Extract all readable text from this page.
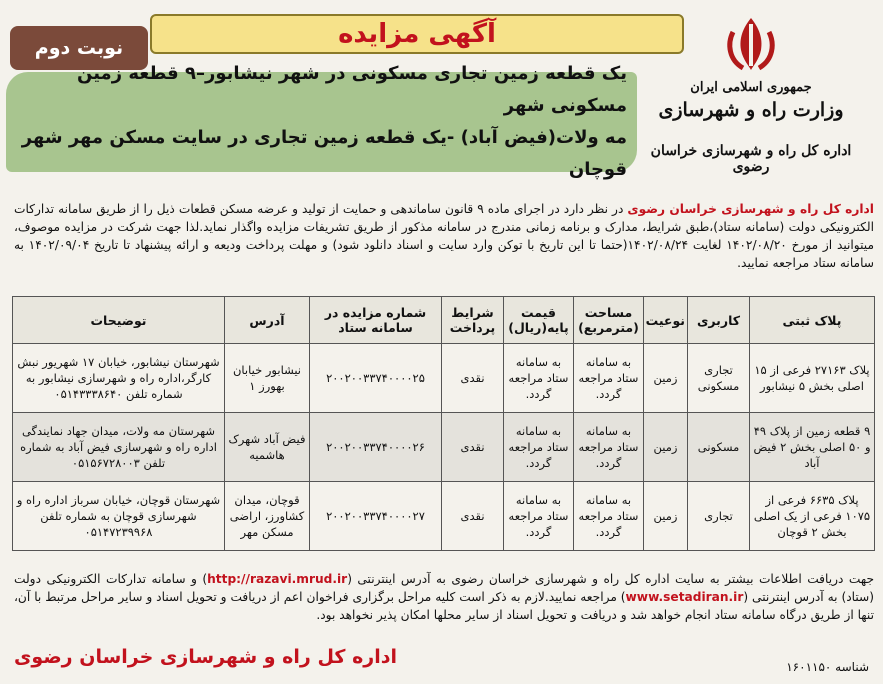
جمهوری اسلامی ایران
وزارت راه و شهرسازی
اداره کل راه و شهرسازی خراسان رضوی
آگهی مزایده
نوبت دوم
یک قطعه زمین تجاری مسکونی در شهر نیشابور–۹ قطعه زمین مسکونی شهر
مه ولات(فیض آباد) -یک قطعه زمین تجاری در سایت مسکن مهر شهر قوچان
اداره کل راه و شهرسازی خراسان رضوی در نظر دارد در اجرای ماده ۹ قانون ساماندهی و حمایت از تولید و عرضه مسکن قطعات ذیل را از طریق سامانه تدارکات الکترونیکی دولت (سامانه ستاد)،طبق شرایط، مدارک و برنامه زمانی مندرج در سامانه مذکور از طریق تشریفات مزایده واگذار نماید.لذا جهت شرکت در مزایده موصوف، میتوانید از مورخ ۱۴۰۲/۰۸/۲۰ لغایت ۱۴۰۲/۰۸/۲۴(حتما تا این تاریخ با توکن وارد سایت و اسناد دانلود شود) و مهلت پرداخت ودیعه و ارائه پیشنهاد تا تاریخ ۱۴۰۲/۰۹/۰۴ به سامانه ستاد مراجعه نمایید.
پلاک ثبتی	کاربری	نوعیت	مساحت (مترمربع)	قیمت پایه(ریال)	شرایط پرداخت	شماره مزایده در سامانه ستاد	آدرس	توضیحات
پلاک ۲۷۱۶۳ فرعی از ۱۵ اصلی بخش ۵ نیشابور	تجاری مسکونی	زمین	به سامانه ستاد مراجعه گردد.	به سامانه ستاد مراجعه گردد.	نقدی	۲۰۰۲۰۰۳۳۷۴۰۰۰۰۲۵	نیشابور خیابان بهورز ۱	شهرستان نیشابور، خیابان ۱۷ شهریور نبش کارگر،اداره راه و شهرسازی نیشابور به شماره تلفن ۰۵۱۴۳۳۳۸۶۴۰
۹ قطعه زمین از پلاک ۴۹ و ۵۰ اصلی بخش ۲ فیض آباد	مسکونی	زمین	به سامانه ستاد مراجعه گردد.	به سامانه ستاد مراجعه گردد.	نقدی	۲۰۰۲۰۰۳۳۷۴۰۰۰۰۲۶	فیض آباد شهرک هاشمیه	شهرستان مه ولات، میدان جهاد نمایندگی اداره راه و شهرسازی فیض آباد به شماره تلفن ۰۵۱۵۶۷۲۸۰۰۳
پلاک ۶۶۳۵ فرعی از ۱۰۷۵ فرعی از یک اصلی بخش ۲ قوچان	تجاری	زمین	به سامانه ستاد مراجعه گردد.	به سامانه ستاد مراجعه گردد.	نقدی	۲۰۰۲۰۰۳۳۷۴۰۰۰۰۲۷	قوچان، میدان کشاورز، اراضی مسکن مهر	شهرستان قوچان، خیابان سرباز اداره راه و شهرسازی قوچان به شماره تلفن ۰۵۱۴۷۲۳۹۹۶۸
جهت دریافت اطلاعات بیشتر به سایت اداره کل راه و شهرسازی خراسان رضوی به آدرس اینترنتی (http://razavi.mrud.ir) و سامانه تدارکات الکترونیکی دولت (ستاد) به آدرس اینترنتی (www.setadiran.ir) مراجعه نمایید.لازم به ذکر است کلیه مراحل برگزاری فراخوان اعم از دریافت و تحویل اسناد و سایر مراحل مرتبط با آن، تنها از طریق درگاه سامانه ستاد انجام خواهد شد و دریافت و تحویل اسناد از سایر محلها امکان پذیر نخواهد بود.
اداره کل راه و شهرسازی خراسان رضوی	شناسه ۱۶۰۱۱۵۰
